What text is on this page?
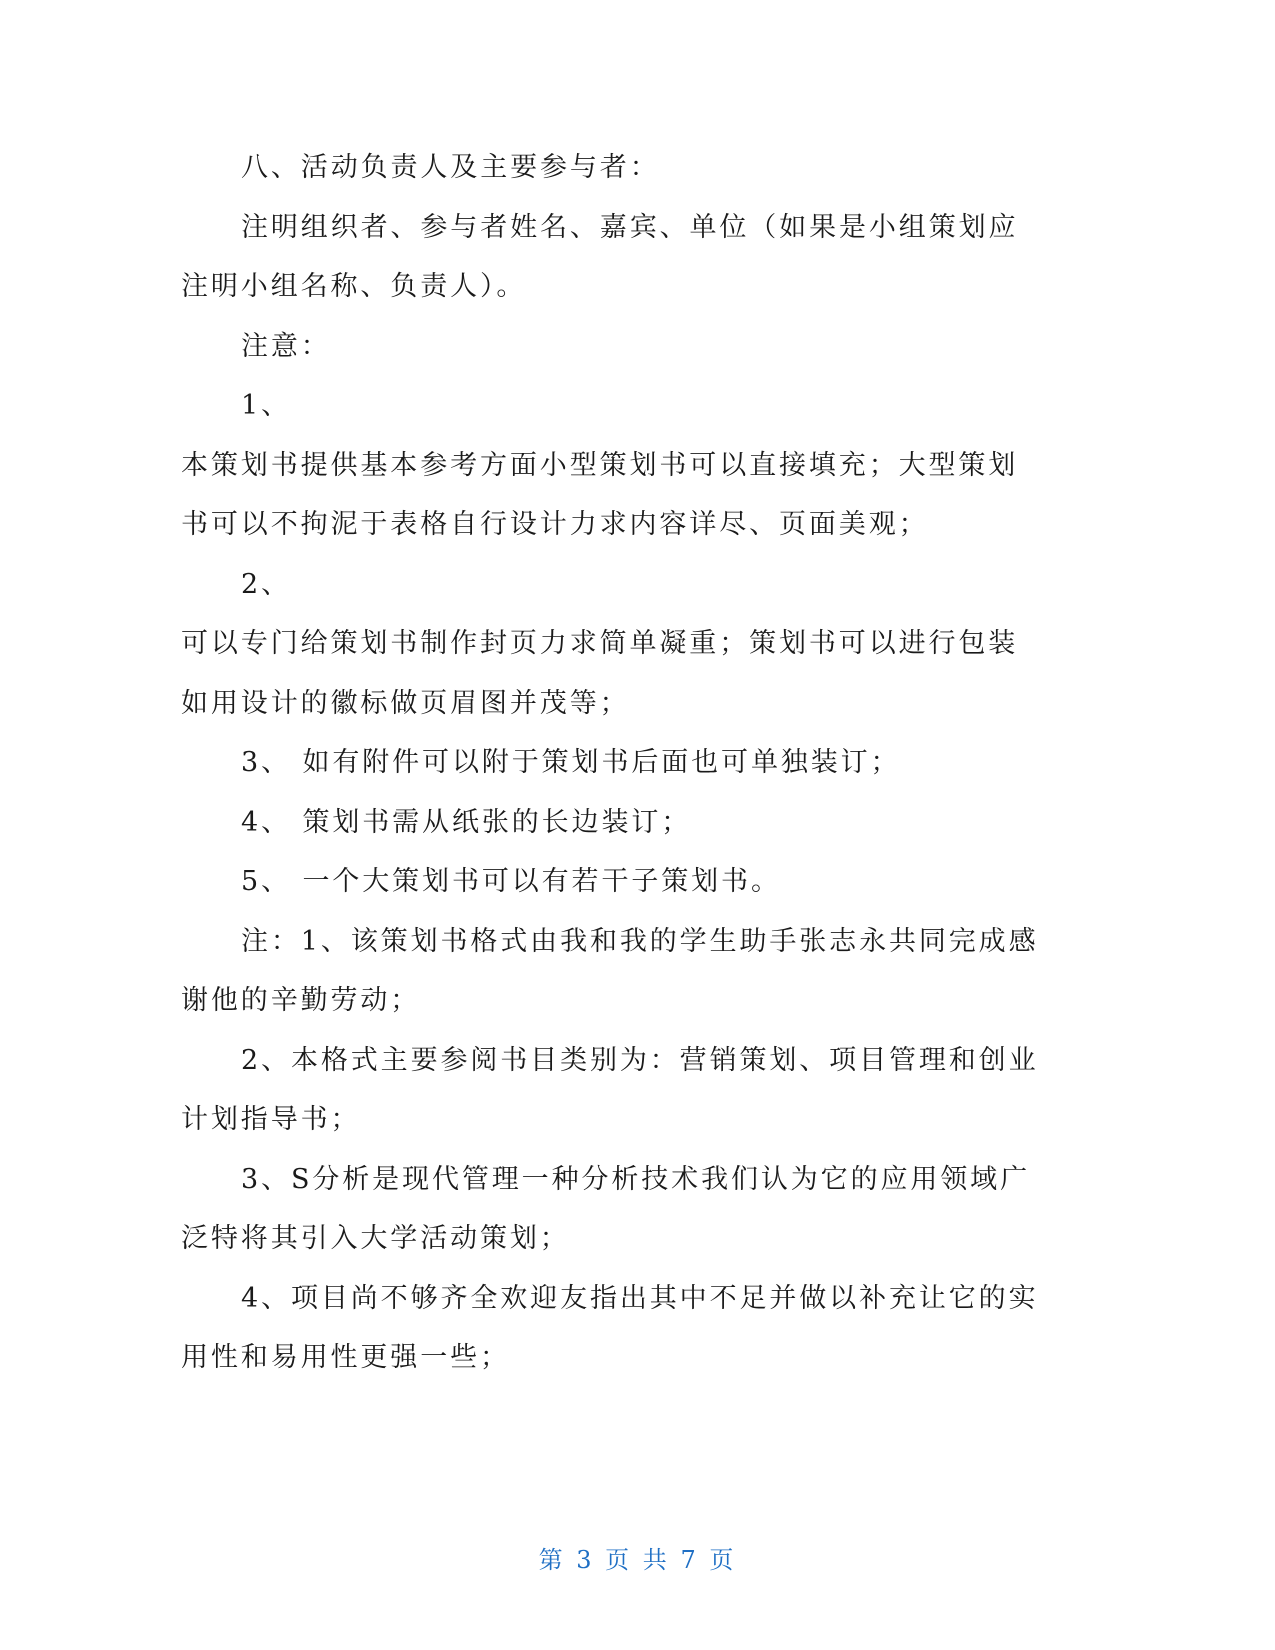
八、活动负责人及主要参与者：

注明组织者、参与者姓名、嘉宾、单位（如果是小组策划应注明小组名称、负责人）。

注意：

1、

本策划书提供基本参考方面小型策划书可以直接填充；大型策划书可以不拘泥于表格自行设计力求内容详尽、页面美观；

2、

可以专门给策划书制作封页力求简单凝重；策划书可以进行包装如用设计的徽标做页眉图并茂等；

3、 如有附件可以附于策划书后面也可单独装订；

4、 策划书需从纸张的长边装订；

5、 一个大策划书可以有若干子策划书。

注：1、该策划书格式由我和我的学生助手张志永共同完成感谢他的辛勤劳动；

2、本格式主要参阅书目类别为：营销策划、项目管理和创业计划指导书；

3、S分析是现代管理一种分析技术我们认为它的应用领域广泛特将其引入大学活动策划；

4、项目尚不够齐全欢迎友指出其中不足并做以补充让它的实用性和易用性更强一些；

第 3 页 共 7 页
